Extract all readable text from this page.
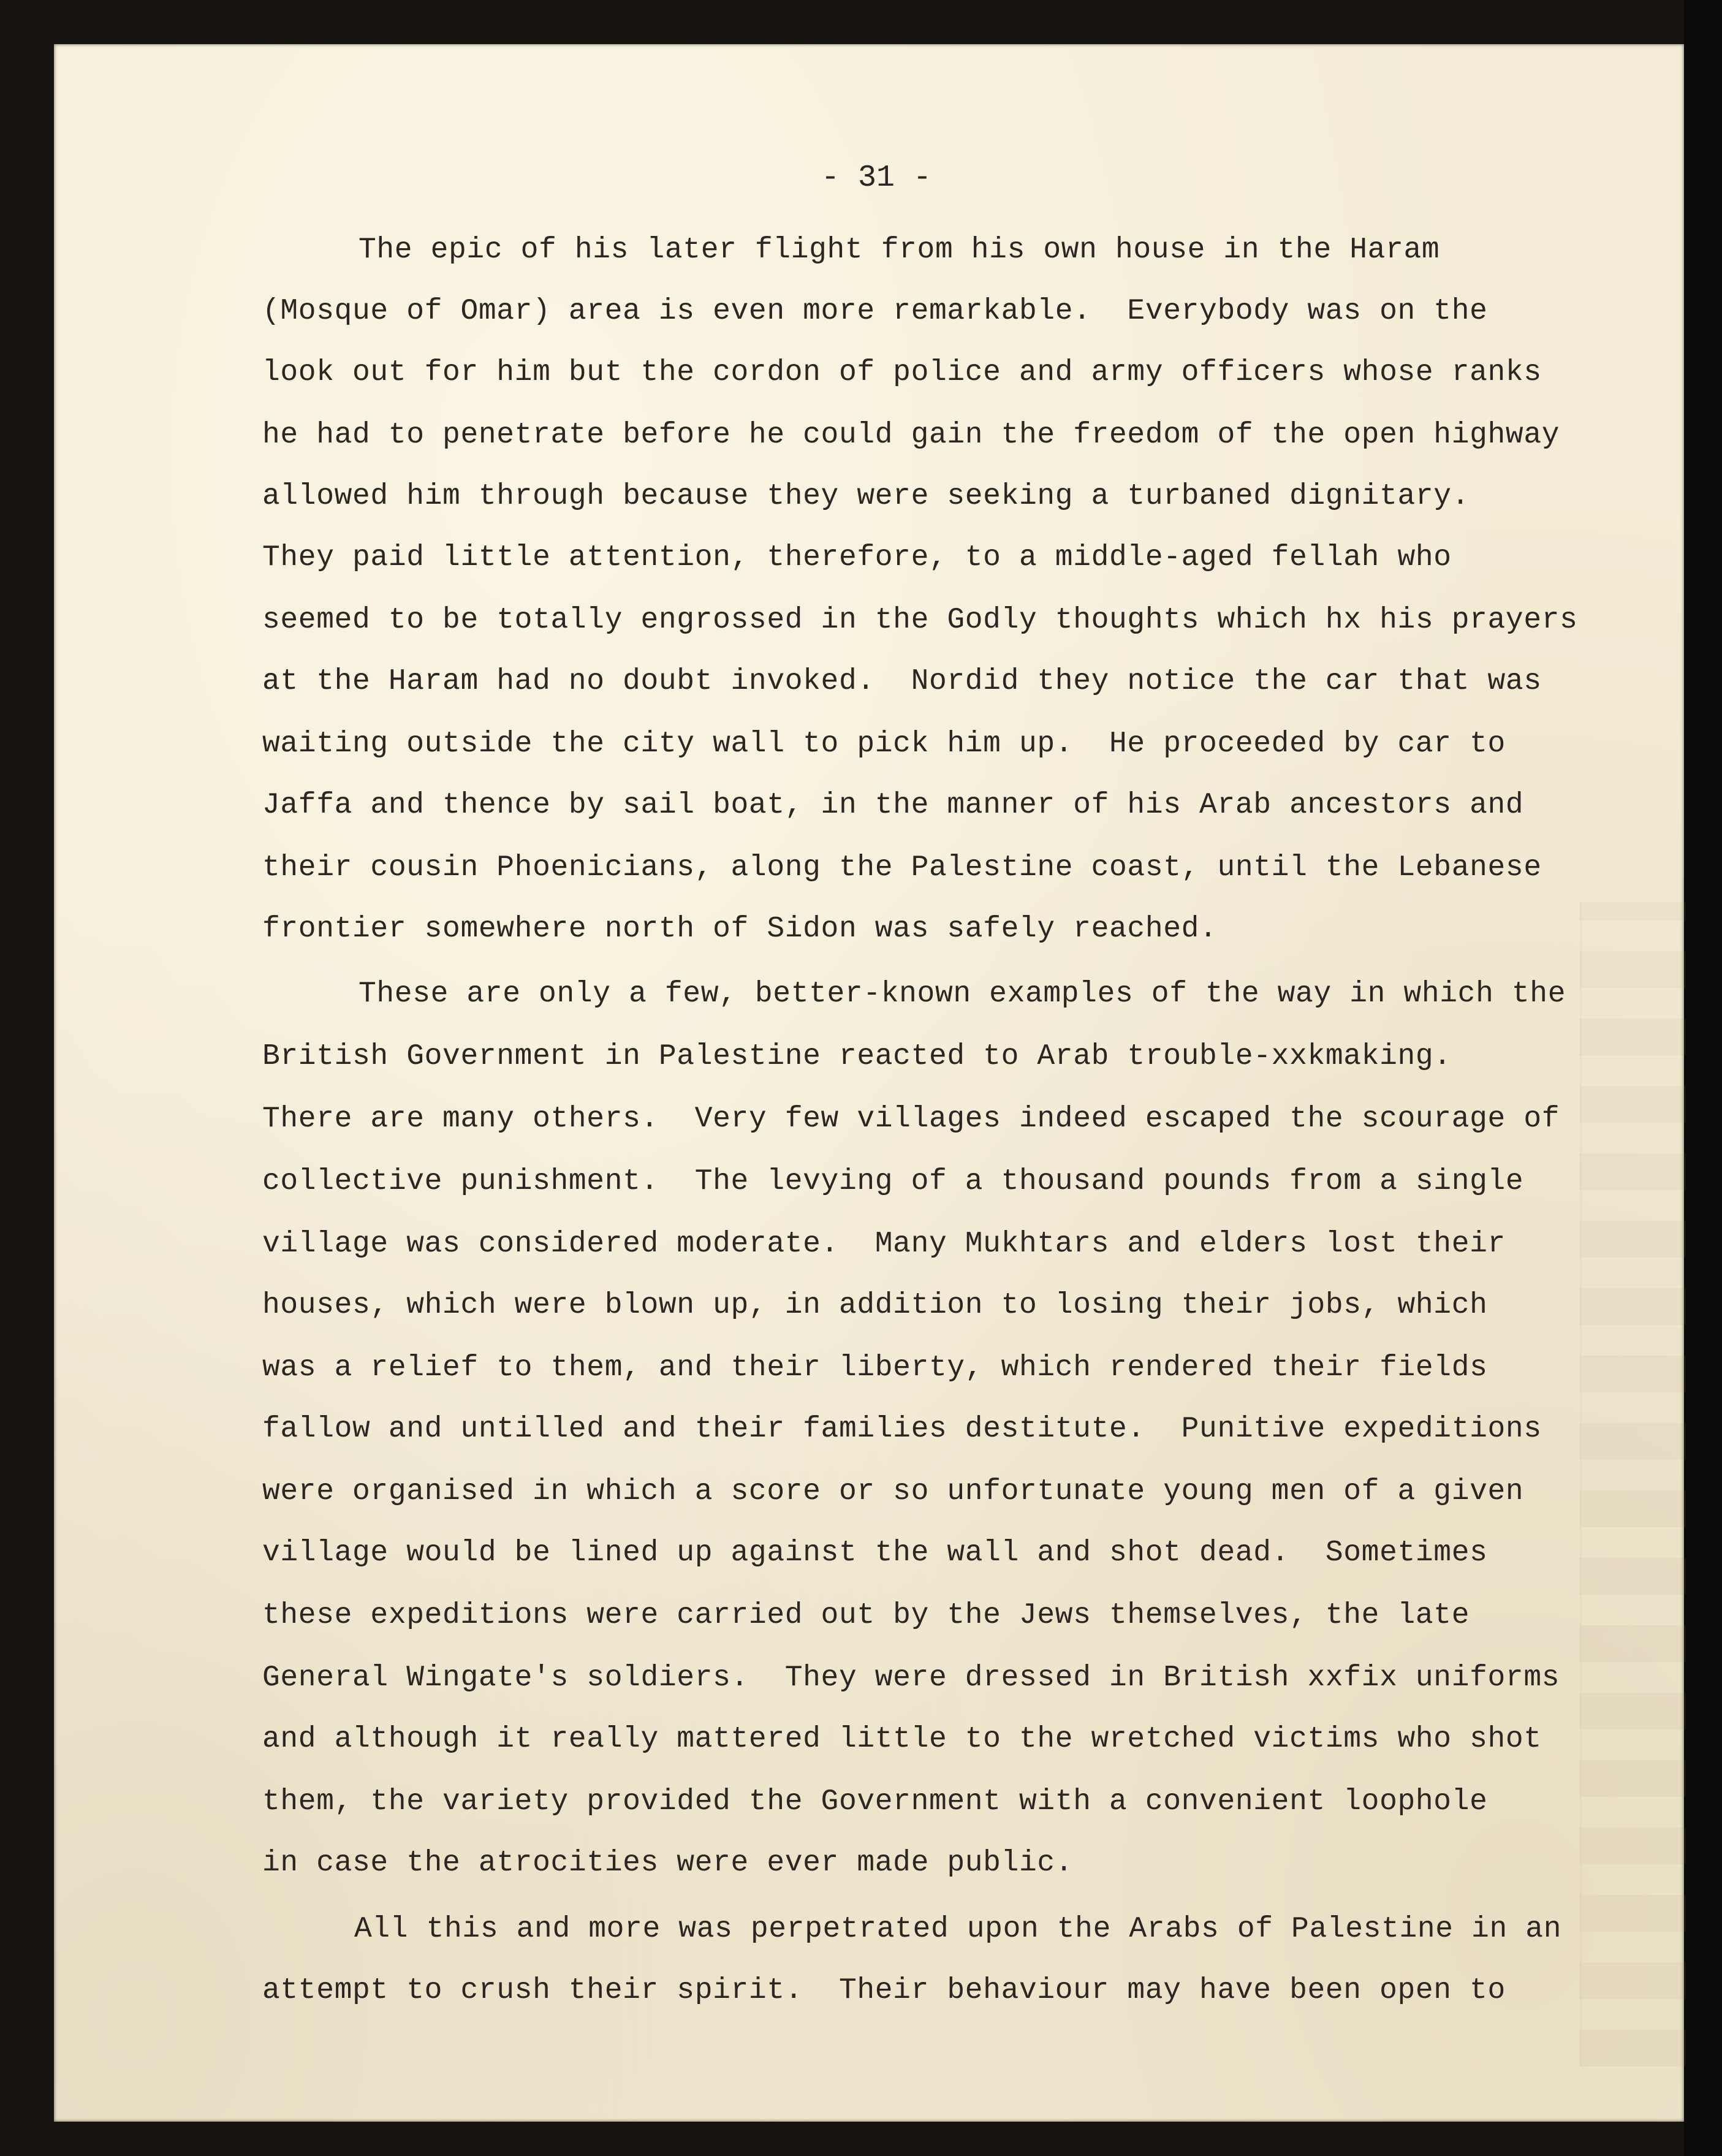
- 31 -

The epic of his later flight from his own house in the Haram

(Mosque of Omar) area is even more remarkable.  Everybody was on the

look out for him but the cordon of police and army officers whose ranks

he had to penetrate before he could gain the freedom of the open highway

allowed him through because they were seeking a turbaned dignitary.

They paid little attention, therefore, to a middle-aged fellah who

seemed to be totally engrossed in the Godly thoughts which hx his prayers

at the Haram had no doubt invoked.  Nordid they notice the car that was

waiting outside the city wall to pick him up.  He proceeded by car to

Jaffa and thence by sail boat, in the manner of his Arab ancestors and

their cousin Phoenicians, along the Palestine coast, until the Lebanese

frontier somewhere north of Sidon was safely reached.

These are only a few, better-known examples of the way in which the

British Government in Palestine reacted to Arab trouble-xxkmaking.

There are many others.  Very few villages indeed escaped the scourage of

collective punishment.  The levying of a thousand pounds from a single

village was considered moderate.  Many Mukhtars and elders lost their

houses, which were blown up, in addition to losing their jobs, which

was a relief to them, and their liberty, which rendered their fields

fallow and untilled and their families destitute.  Punitive expeditions

were organised in which a score or so unfortunate young men of a given

village would be lined up against the wall and shot dead.  Sometimes

these expeditions were carried out by the Jews themselves, the late

General Wingate's soldiers.  They were dressed in British xxfix uniforms

and although it really mattered little to the wretched victims who shot

them, the variety provided the Government with a convenient loophole

in case the atrocities were ever made public.

All this and more was perpetrated upon the Arabs of Palestine in an

attempt to crush their spirit.  Their behaviour may have been open to
